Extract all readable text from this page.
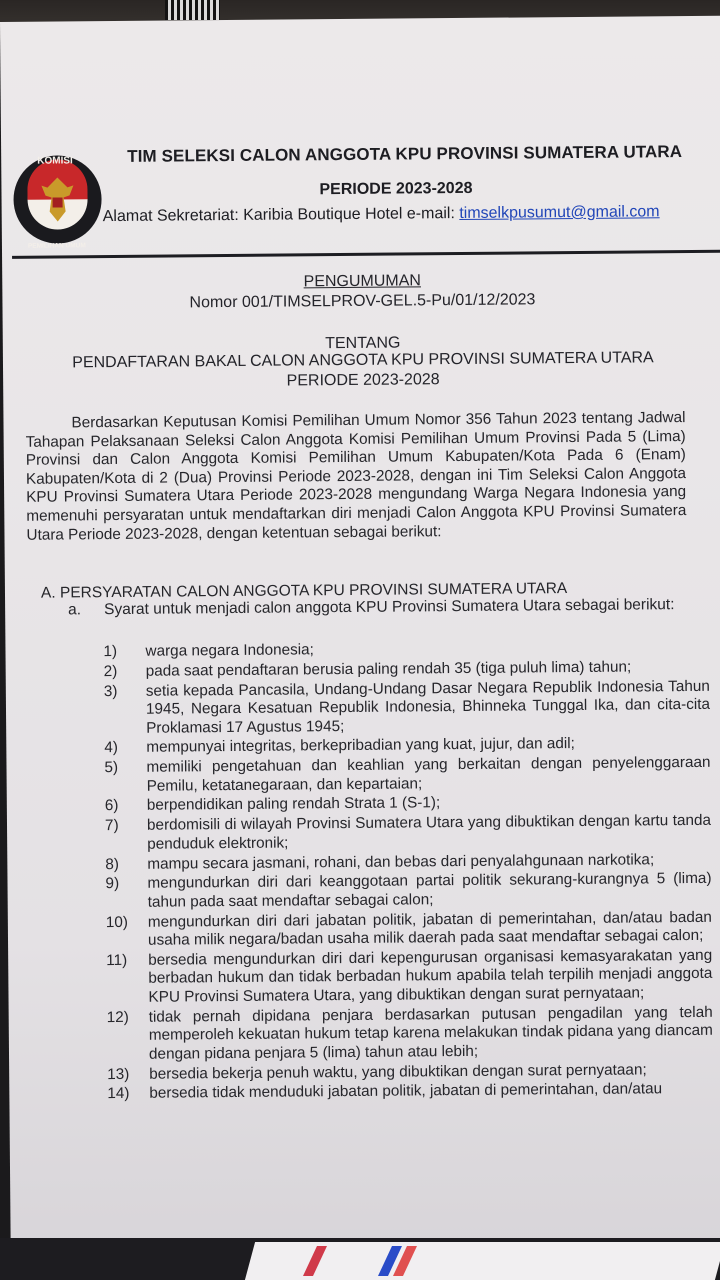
KOMISI
PEMILIHAN UMUM
TIM SELEKSI CALON ANGGOTA KPU PROVINSI SUMATERA UTARA
PERIODE 2023-2028
Alamat Sekretariat: Karibia Boutique Hotel e-mail: timselkpusumut@gmail.com
PENGUMUMAN
Nomor 001/TIMSELPROV-GEL.5-Pu/01/12/2023
TENTANG
PENDAFTARAN BAKAL CALON ANGGOTA KPU PROVINSI SUMATERA UTARA
PERIODE 2023-2028
Berdasarkan Keputusan Komisi Pemilihan Umum Nomor 356 Tahun 2023 tentang Jadwal Tahapan Pelaksanaan Seleksi Calon Anggota Komisi Pemilihan Umum Provinsi Pada 5 (Lima) Provinsi dan Calon Anggota Komisi Pemilihan Umum Kabupaten/Kota Pada 6 (Enam) Kabupaten/Kota di 2 (Dua) Provinsi Periode 2023-2028, dengan ini Tim Seleksi Calon Anggota KPU Provinsi Sumatera Utara Periode 2023-2028 mengundang Warga Negara Indonesia yang memenuhi persyaratan untuk mendaftarkan diri menjadi Calon Anggota KPU Provinsi Sumatera Utara Periode 2023-2028, dengan ketentuan sebagai berikut:
A. PERSYARATAN CALON ANGGOTA KPU PROVINSI SUMATERA UTARA
a. Syarat untuk menjadi calon anggota KPU Provinsi Sumatera Utara sebagai berikut:
1) warga negara Indonesia;
2) pada saat pendaftaran berusia paling rendah 35 (tiga puluh lima) tahun;
3) setia kepada Pancasila, Undang-Undang Dasar Negara Republik Indonesia Tahun 1945, Negara Kesatuan Republik Indonesia, Bhinneka Tunggal Ika, dan cita-cita Proklamasi 17 Agustus 1945;
4) mempunyai integritas, berkepribadian yang kuat, jujur, dan adil;
5) memiliki pengetahuan dan keahlian yang berkaitan dengan penyelenggaraan Pemilu, ketatanegaraan, dan kepartaian;
6) berpendidikan paling rendah Strata 1 (S-1);
7) berdomisili di wilayah Provinsi Sumatera Utara yang dibuktikan dengan kartu tanda penduduk elektronik;
8) mampu secara jasmani, rohani, dan bebas dari penyalahgunaan narkotika;
9) mengundurkan diri dari keanggotaan partai politik sekurang-kurangnya 5 (lima) tahun pada saat mendaftar sebagai calon;
10) mengundurkan diri dari jabatan politik, jabatan di pemerintahan, dan/atau badan usaha milik negara/badan usaha milik daerah pada saat mendaftar sebagai calon;
11) bersedia mengundurkan diri dari kepengurusan organisasi kemasyarakatan yang berbadan hukum dan tidak berbadan hukum apabila telah terpilih menjadi anggota KPU Provinsi Sumatera Utara, yang dibuktikan dengan surat pernyataan;
12) tidak pernah dipidana penjara berdasarkan putusan pengadilan yang telah memperoleh kekuatan hukum tetap karena melakukan tindak pidana yang diancam dengan pidana penjara 5 (lima) tahun atau lebih;
13) bersedia bekerja penuh waktu, yang dibuktikan dengan surat pernyataan;
14) bersedia tidak menduduki jabatan politik, jabatan di pemerintahan, dan/atau
